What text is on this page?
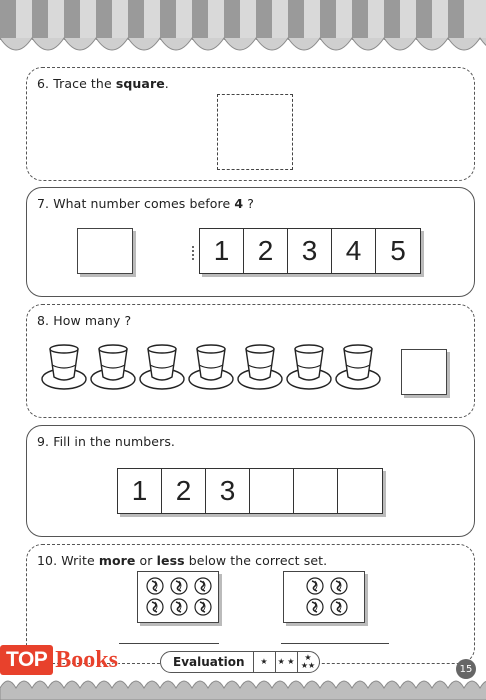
6. Trace the square.
7. What number comes before 4 ?
1	2	3	4	5
8. How many ?
9. Fill in the numbers.
1	2	3
10. Write more or less below the correct set.
Evaluation	★	★ ★	★ ★★
TOP Books	15
